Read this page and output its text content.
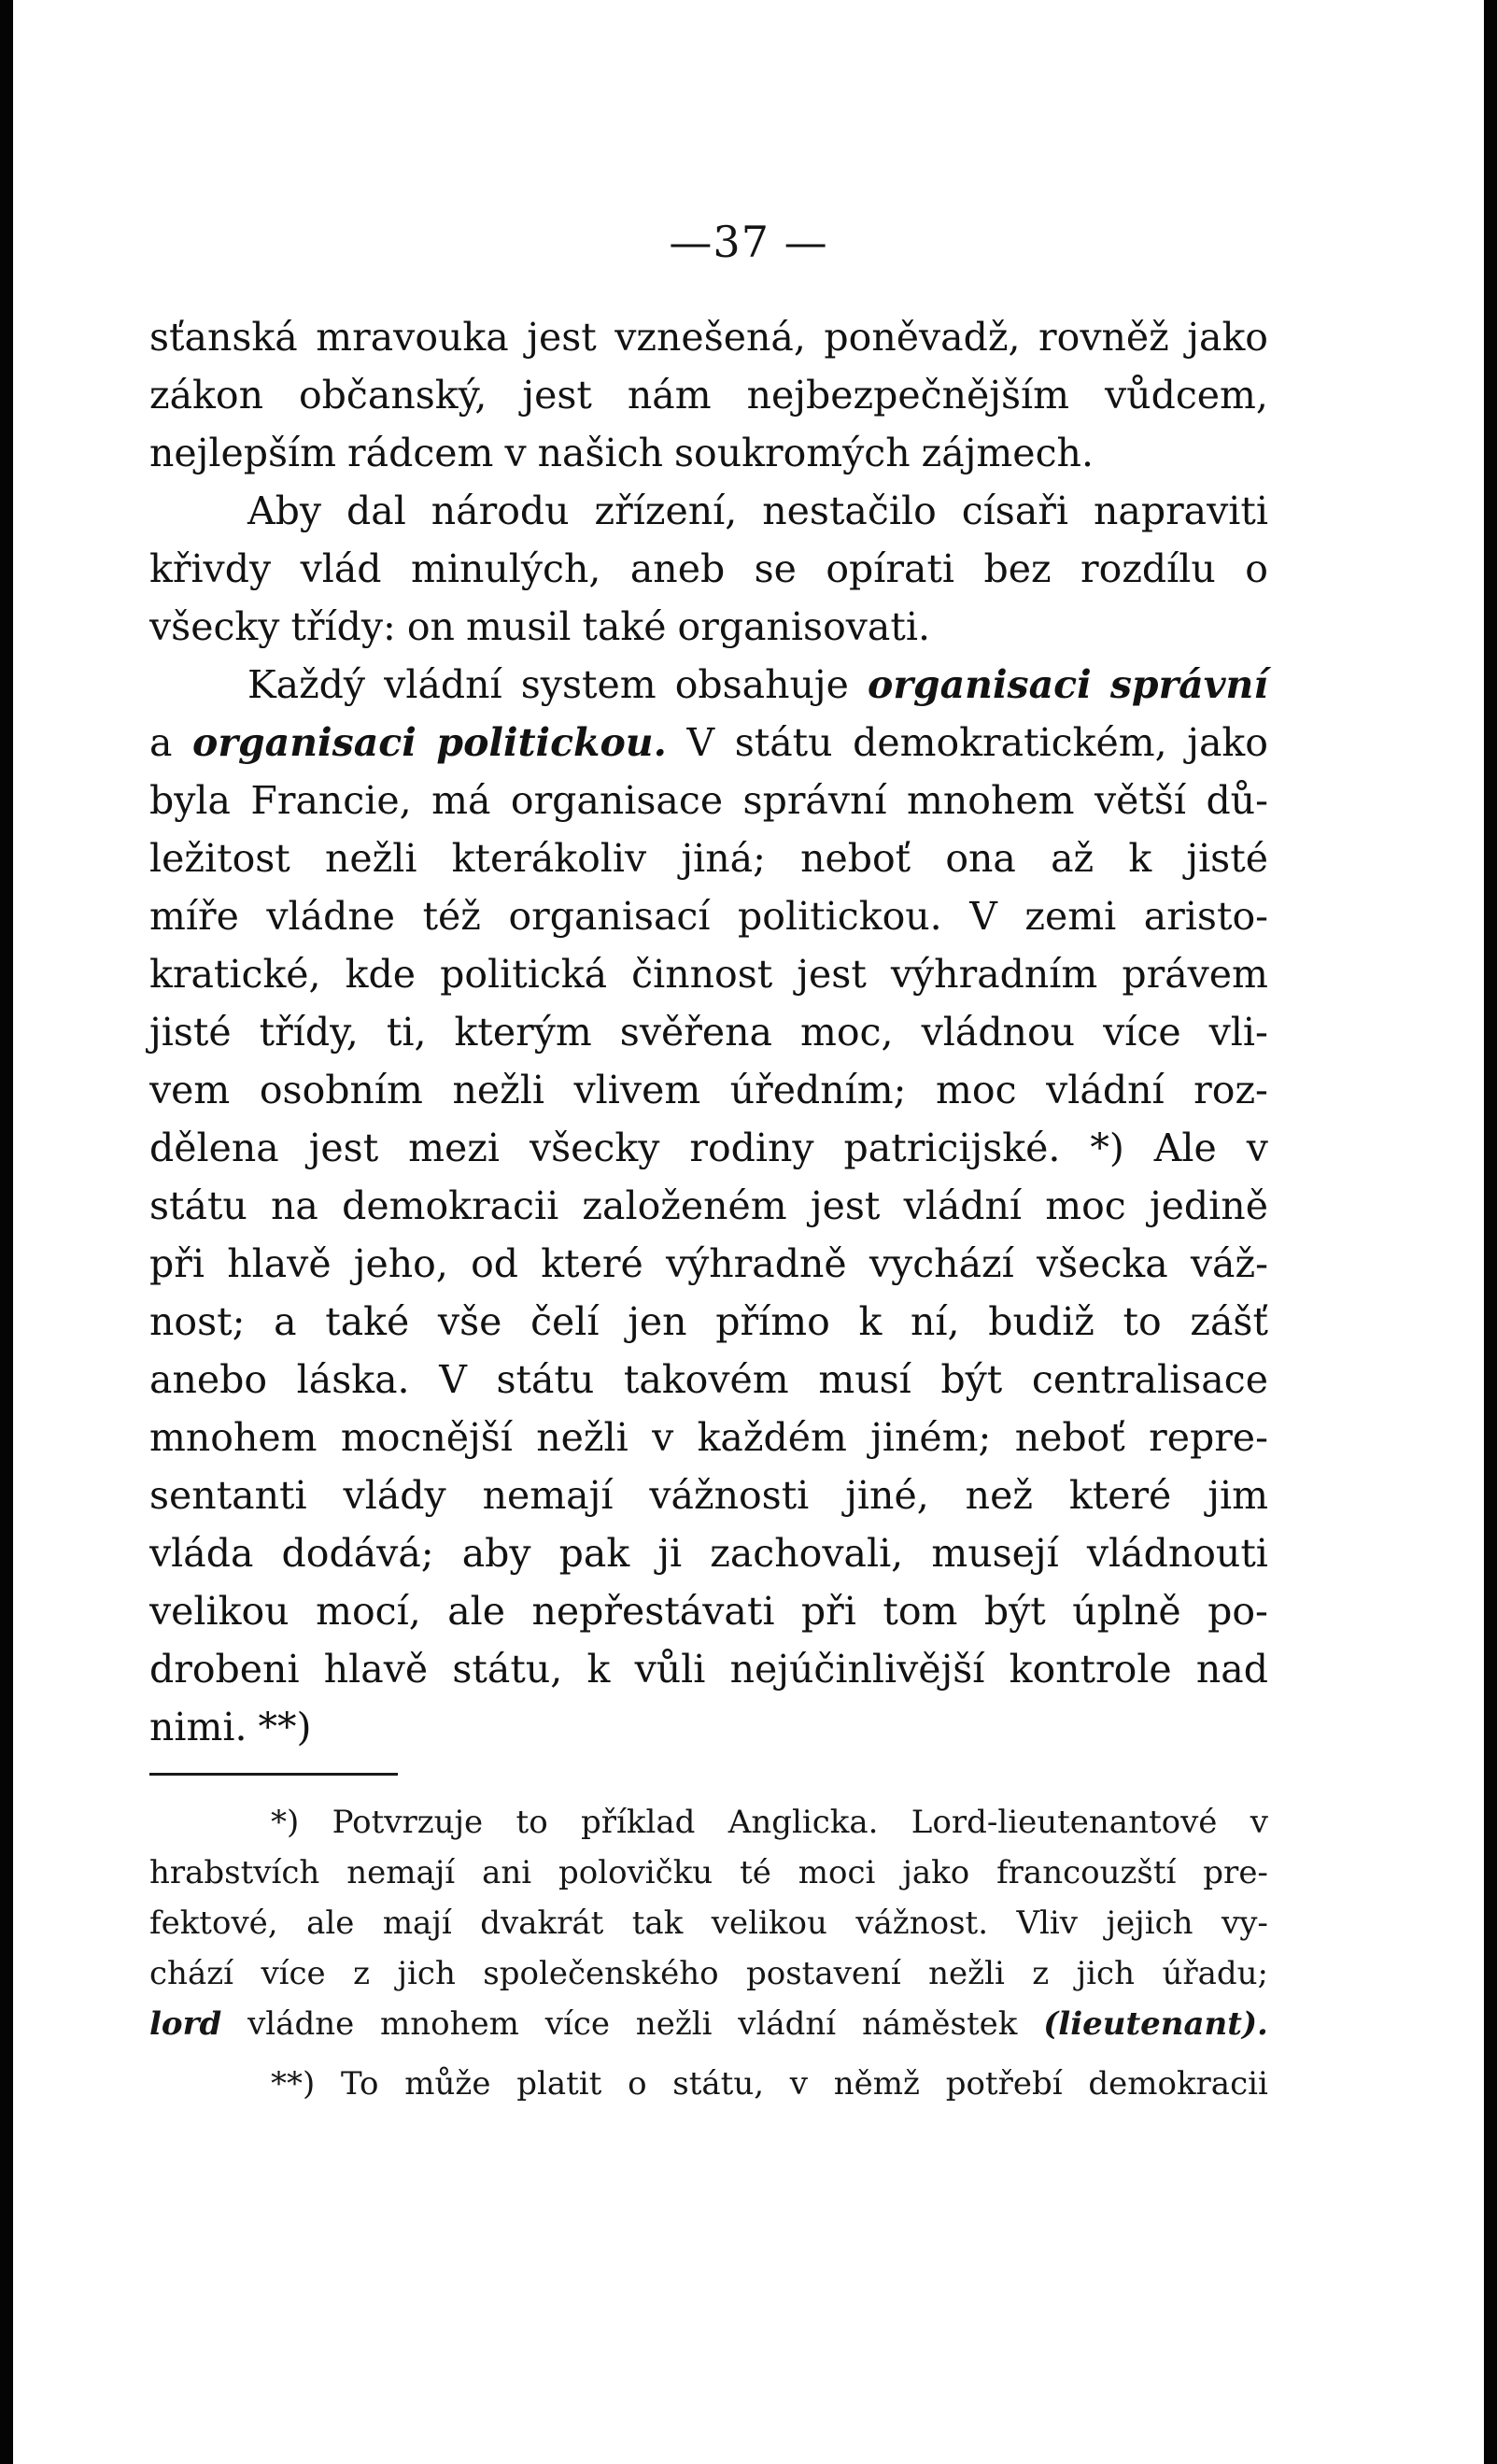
—37 —
sťanská mravouka jest vznešená, poněvadž, rovněž jako
zákon občanský, jest nám nejbezpečnějším vůdcem,
nejlepším rádcem v našich soukromých zájmech.
Aby dal národu zřízení, nestačilo císaři napraviti
křivdy vlád minulých, aneb se opírati bez rozdílu o
všecky třídy: on musil také organisovati.
Každý vládní system obsahuje organisaci správní
a organisaci politickou. V státu demokratickém, jako
byla Francie, má organisace správní mnohem větší dů-
ležitost nežli kterákoliv jiná; neboť ona až k jisté
míře vládne též organisací politickou. V zemi aristo-
kratické, kde politická činnost jest výhradním právem
jisté třídy, ti, kterým svěřena moc, vládnou více vli-
vem osobním nežli vlivem úředním; moc vládní roz-
dělena jest mezi všecky rodiny patricijské. *) Ale v
státu na demokracii založeném jest vládní moc jedině
při hlavě jeho, od které výhradně vychází všecka váž-
nost; a také vše čelí jen přímo k ní, budiž to zášť
anebo láska. V státu takovém musí být centralisace
mnohem mocnější nežli v každém jiném; neboť repre-
sentanti vlády nemají vážnosti jiné, než které jim
vláda dodává; aby pak ji zachovali, musejí vládnouti
velikou mocí, ale nepřestávati při tom být úplně po-
drobeni hlavě státu, k vůli nejúčinlivější kontrole nad
nimi. **)
*) Potvrzuje to příklad Anglicka. Lord-lieutenantové v
hrabstvích nemají ani polovičku té moci jako francouzští pre-
fektové, ale mají dvakrát tak velikou vážnost. Vliv jejich vy-
chází více z jich společenského postavení nežli z jich úřadu;
lord vládne mnohem více nežli vládní náměstek (lieutenant).
**) To může platit o státu, v němž potřebí demokracii
